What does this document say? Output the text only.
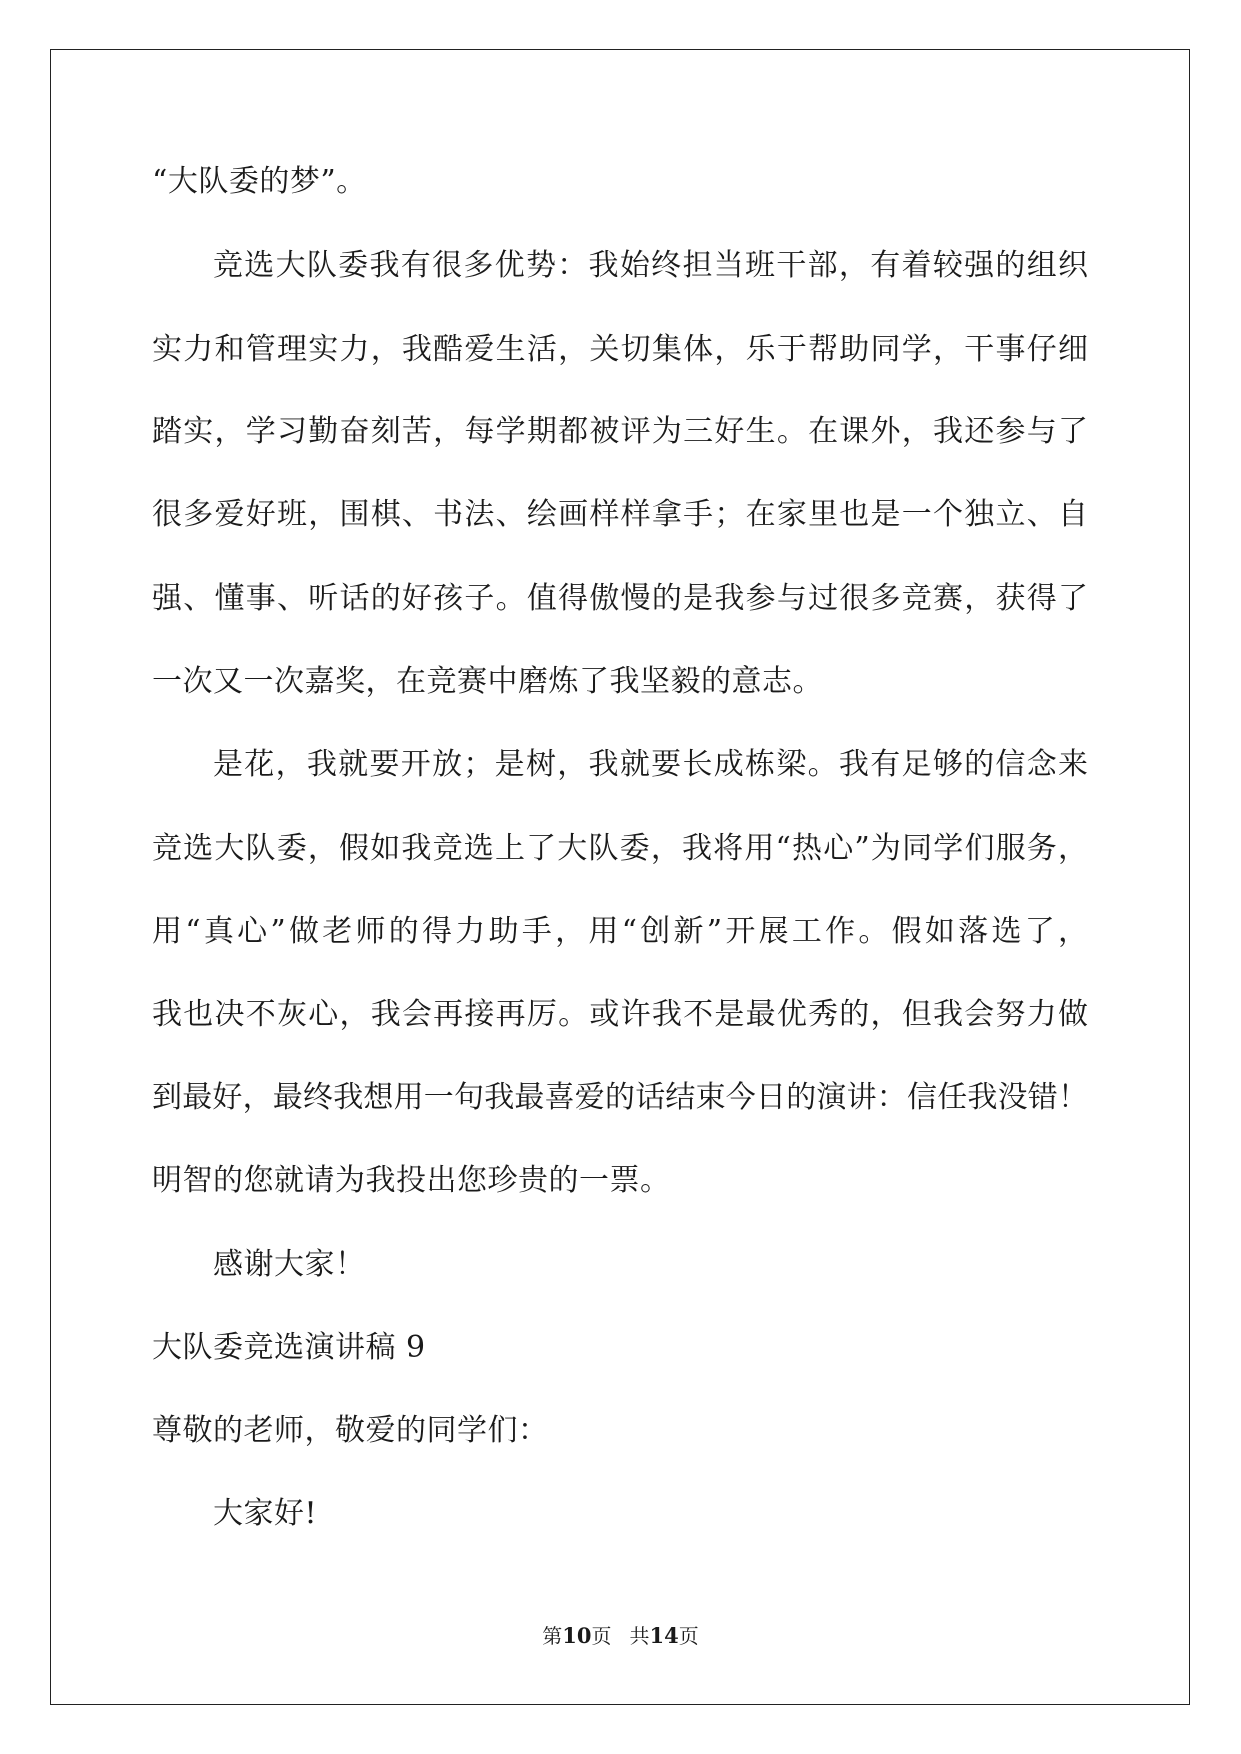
“大队委的梦”。
竞选大队委我有很多优势：我始终担当班干部，有着较强的组织
实力和管理实力，我酷爱生活，关切集体，乐于帮助同学，干事仔细
踏实，学习勤奋刻苦，每学期都被评为三好生。在课外，我还参与了
很多爱好班，围棋、书法、绘画样样拿手；在家里也是一个独立、自
强、懂事、听话的好孩子。值得傲慢的是我参与过很多竞赛，获得了
一次又一次嘉奖，在竞赛中磨炼了我坚毅的意志。
是花，我就要开放；是树，我就要长成栋梁。我有足够的信念来
竞选大队委，假如我竞选上了大队委，我将用“热心”为同学们服务，
用“真心”做老师的得力助手，用“创新”开展工作。假如落选了，
我也决不灰心，我会再接再厉。或许我不是最优秀的，但我会努力做
到最好，最终我想用一句我最喜爱的话结束今日的演讲：信任我没错！
明智的您就请为我投出您珍贵的一票。
感谢大家！
大队委竞选演讲稿 9
尊敬的老师，敬爱的同学们：
大家好!
第10页 共14页
